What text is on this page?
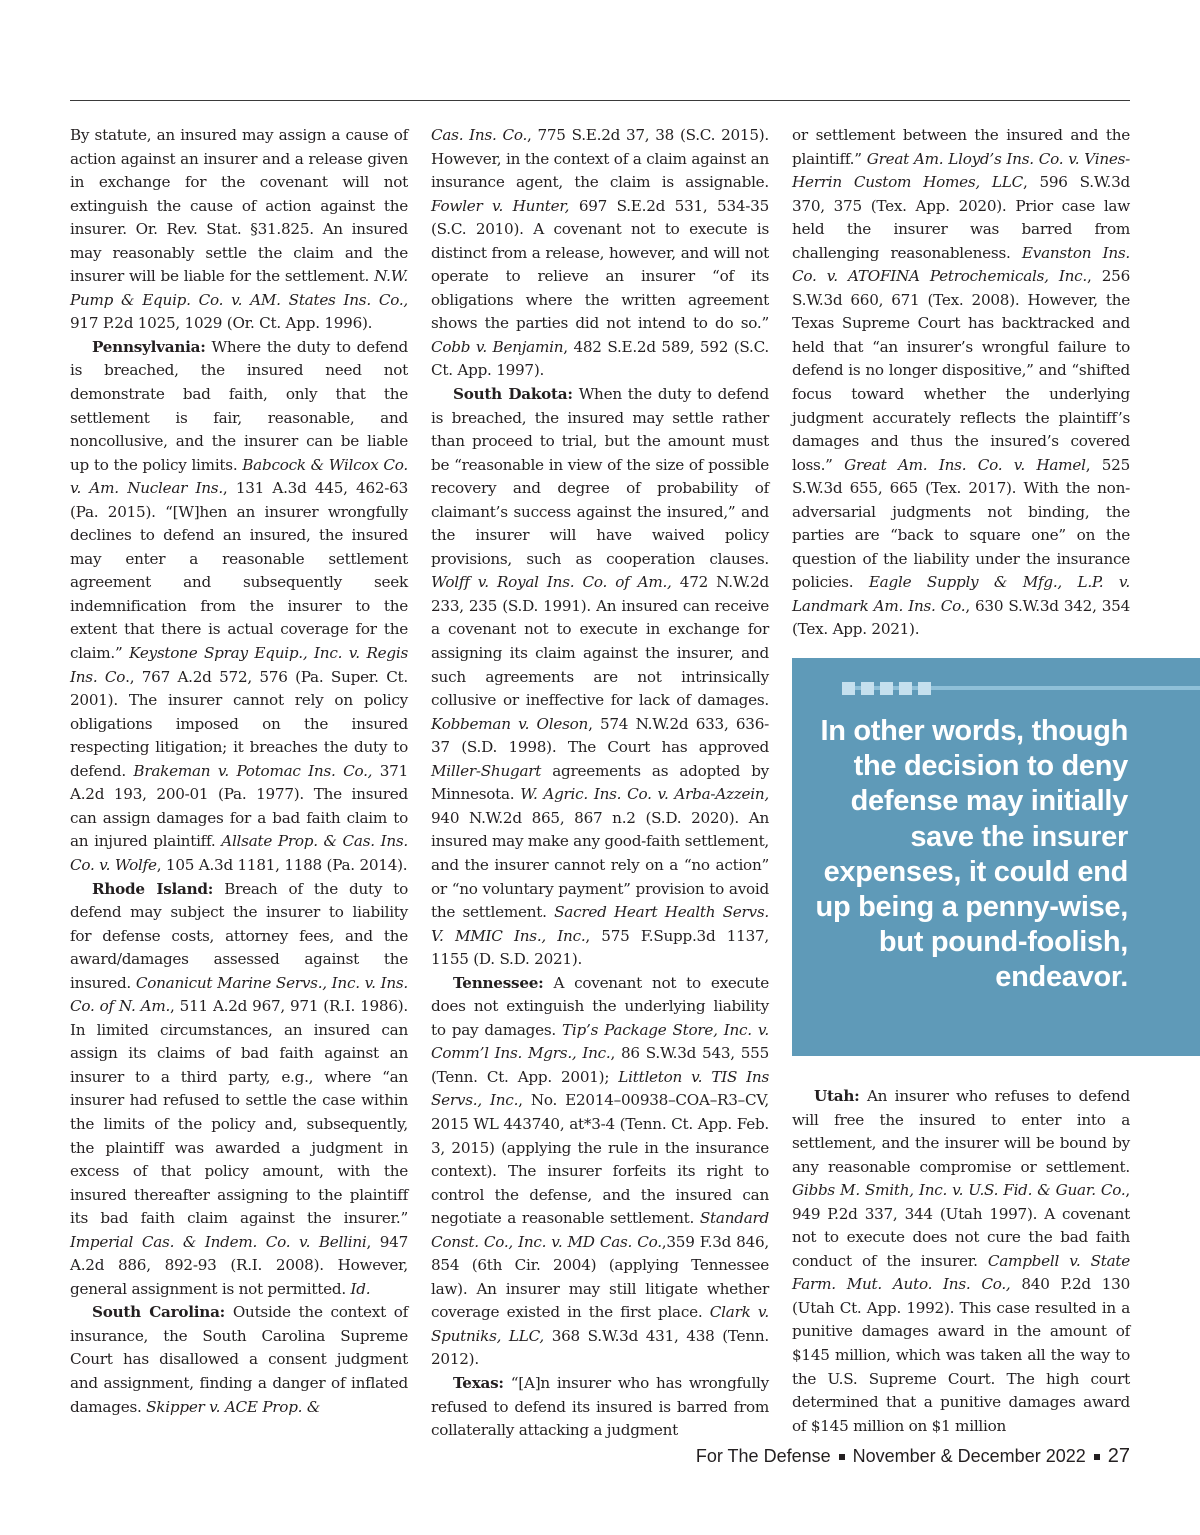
By statute, an insured may assign a cause of action against an insurer and a release given in exchange for the covenant will not extinguish the cause of action against the insurer. Or. Rev. Stat. §31.825. An insured may reasonably settle the claim and the insurer will be liable for the settlement. N.W. Pump & Equip. Co. v. AM. States Ins. Co., 917 P.2d 1025, 1029 (Or. Ct. App. 1996).

Pennsylvania: Where the duty to defend is breached, the insured need not demonstrate bad faith, only that the settlement is fair, reasonable, and noncollusive, and the insurer can be liable up to the policy limits. Babcock & Wilcox Co. v. Am. Nuclear Ins., 131 A.3d 445, 462-63 (Pa. 2015). “[W]hen an insurer wrongfully declines to defend an insured, the insured may enter a reasonable settlement agreement and subsequently seek indemnification from the insurer to the extent that there is actual coverage for the claim.” Keystone Spray Equip., Inc. v. Regis Ins. Co., 767 A.2d 572, 576 (Pa. Super. Ct. 2001). The insurer cannot rely on policy obligations imposed on the insured respecting litigation; it breaches the duty to defend. Brakeman v. Potomac Ins. Co., 371 A.2d 193, 200-01 (Pa. 1977). The insured can assign damages for a bad faith claim to an injured plaintiff. Allsate Prop. & Cas. Ins. Co. v. Wolfe, 105 A.3d 1181, 1188 (Pa. 2014).

Rhode Island: Breach of the duty to defend may subject the insurer to liability for defense costs, attorney fees, and the award/damages assessed against the insured. Conanicut Marine Servs., Inc. v. Ins. Co. of N. Am., 511 A.2d 967, 971 (R.I. 1986). In limited circumstances, an insured can assign its claims of bad faith against an insurer to a third party, e.g., where “an insurer had refused to settle the case within the limits of the policy and, subsequently, the plaintiff was awarded a judgment in excess of that policy amount, with the insured thereafter assigning to the plaintiff its bad faith claim against the insurer.” Imperial Cas. & Indem. Co. v. Bellini, 947 A.2d 886, 892-93 (R.I. 2008). However, general assignment is not permitted. Id.

South Carolina: Outside the context of insurance, the South Carolina Supreme Court has disallowed a consent judgment and assignment, finding a danger of inflated damages. Skipper v. ACE Prop. &

Cas. Ins. Co., 775 S.E.2d 37, 38 (S.C. 2015). However, in the context of a claim against an insurance agent, the claim is assignable. Fowler v. Hunter, 697 S.E.2d 531, 534-35 (S.C. 2010). A covenant not to execute is distinct from a release, however, and will not operate to relieve an insurer “of its obligations where the written agreement shows the parties did not intend to do so.” Cobb v. Benjamin, 482 S.E.2d 589, 592 (S.C. Ct. App. 1997).

South Dakota: When the duty to defend is breached, the insured may settle rather than proceed to trial, but the amount must be “reasonable in view of the size of possible recovery and degree of probability of claimant’s success against the insured,” and the insurer will have waived policy provisions, such as cooperation clauses. Wolff v. Royal Ins. Co. of Am., 472 N.W.2d 233, 235 (S.D. 1991). An insured can receive a covenant not to execute in exchange for assigning its claim against the insurer, and such agreements are not intrinsically collusive or ineffective for lack of damages. Kobbeman v. Oleson, 574 N.W.2d 633, 636-37 (S.D. 1998). The Court has approved Miller-Shugart agreements as adopted by Minnesota. W. Agric. Ins. Co. v. Arba-Azzein, 940 N.W.2d 865, 867 n.2 (S.D. 2020). An insured may make any good-faith settlement, and the insurer cannot rely on a “no action” or “no voluntary payment” provision to avoid the settlement. Sacred Heart Health Servs. V. MMIC Ins., Inc., 575 F.Supp.3d 1137, 1155 (D. S.D. 2021).

Tennessee: A covenant not to execute does not extinguish the underlying liability to pay damages. Tip’s Package Store, Inc. v. Comm’l Ins. Mgrs., Inc., 86 S.W.3d 543, 555 (Tenn. Ct. App. 2001); Littleton v. TIS Ins Servs., Inc., No. E2014–00938–COA–R3–CV, 2015 WL 443740, at*3-4 (Tenn. Ct. App. Feb. 3, 2015) (applying the rule in the insurance context). The insurer forfeits its right to control the defense, and the insured can negotiate a reasonable settlement. Standard Const. Co., Inc. v. MD Cas. Co.,359 F.3d 846, 854 (6th Cir. 2004) (applying Tennessee law). An insurer may still litigate whether coverage existed in the first place. Clark v. Sputniks, LLC, 368 S.W.3d 431, 438 (Tenn. 2012).

Texas: “[A]n insurer who has wrongfully refused to defend its insured is barred from collaterally attacking a judgment

or settlement between the insured and the plaintiff.” Great Am. Lloyd’s Ins. Co. v. Vines-Herrin Custom Homes, LLC, 596 S.W.3d 370, 375 (Tex. App. 2020). Prior case law held the insurer was barred from challenging reasonableness. Evanston Ins. Co. v. ATOFINA Petrochemicals, Inc., 256 S.W.3d 660, 671 (Tex. 2008). However, the Texas Supreme Court has backtracked and held that “an insurer’s wrongful failure to defend is no longer dispositive,” and “shifted focus toward whether the underlying judgment accurately reflects the plaintiff’s damages and thus the insured’s covered loss.” Great Am. Ins. Co. v. Hamel, 525 S.W.3d 655, 665 (Tex. 2017). With the non-adversarial judgments not binding, the parties are “back to square one” on the question of the liability under the insurance policies. Eagle Supply & Mfg., L.P. v. Landmark Am. Ins. Co., 630 S.W.3d 342, 354 (Tex. App. 2021).

In other words, though the decision to deny defense may initially save the insurer expenses, it could end up being a penny-wise, but pound-foolish, endeavor.

Utah: An insurer who refuses to defend will free the insured to enter into a settlement, and the insurer will be bound by any reasonable compromise or settlement. Gibbs M. Smith, Inc. v. U.S. Fid. & Guar. Co., 949 P.2d 337, 344 (Utah 1997). A covenant not to execute does not cure the bad faith conduct of the insurer. Campbell v. State Farm. Mut. Auto. Ins. Co., 840 P.2d 130 (Utah Ct. App. 1992). This case resulted in a punitive damages award in the amount of $145 million, which was taken all the way to the U.S. Supreme Court. The high court determined that a punitive damages award of $145 million on $1 million

For The Defense November & December 2022 27
